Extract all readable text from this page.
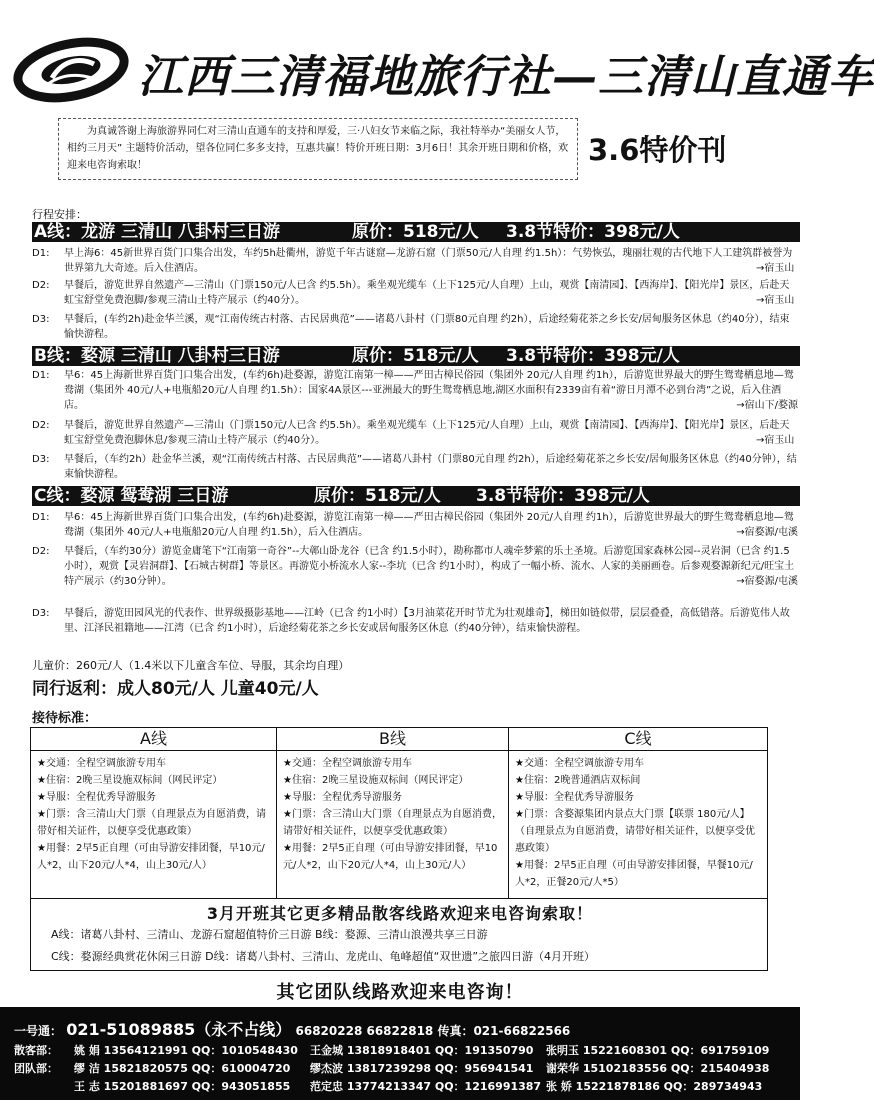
江西三清福地旅行社—三清山直通车

为真诚答谢上海旅游界同仁对三清山直通车的支持和厚爱，三·八妇女节来临之际，我社特举办“美丽女人节，相约三月天” 主题特价活动，望各位同仁多多支持，互惠共赢！特价开班日期：3月6日！其余开班日期和价格，欢迎来电咨询索取！	3.6特价刊
行程安排：
A线：龙游 三清山 八卦村三日游	原价：518元/人 3.8节特价：398元/人
D1: 早上海6：45新世界百货门口集合出发，车约5h赴衢州，游览千年古谜窟—龙游石窟（门票50元/人自理 约1.5h）：气势恢弘，瑰丽壮观的古代地下人工建筑群被誉为世界第九大奇迹。后入住酒店。	→宿玉山
D2: 早餐后，游览世界自然遗产—三清山（门票150元/人已含 约5.5h）。乘坐观光缆车（上下125元/人自理）上山，观赏【南清园】、【西海岸】、【阳光岸】景区，后赴天虹宝舒堂免费泡脚/参观三清山土特产展示（约40分）。	→宿玉山
D3: 早餐后，(车约2h)赴金华兰溪，观“江南传统古村落、古民居典范”——诸葛八卦村（门票80元自理 约2h），后途经菊花茶之乡长安/居甸服务区休息（约40分），结束愉快游程。
B线：婺源 三清山 八卦村三日游	原价：518元/人 3.8节特价：398元/人
D1: 早6：45上海新世界百货门口集合出发，(车约6h)赴婺源，游览江南第一樟——严田古樟民俗园（集团外 20元/人自理 约1h），后游览世界最大的野生鸳鸯栖息地—鸳鸯湖（集团外 40元/人+电瓶船20元/人自理 约1.5h）：国家4A景区---亚洲最大的野生鸳鸯栖息地,湖区水面积有2339亩有着“游日月潭不必到台湾”之说，后入住酒店。	→宿山下/婺源
D2: 早餐后，游览世界自然遗产—三清山（门票150元/人已含 约5.5h）。乘坐观光缆车（上下125元/人自理）上山，观赏【南清园】、【西海岸】、【阳光岸】景区，后赴天虹宝舒堂免费泡脚休息/参观三清山土特产展示（约40分）。	→宿玉山
D3: 早餐后，（车约2h）赴金华兰溪，观“江南传统古村落、古民居典范”——诸葛八卦村（门票80元自理 约2h），后途经菊花茶之乡长安/居甸服务区休息（约40分钟），结束愉快游程。
C线：婺源 鸳鸯湖 三日游	原价：518元/人 3.8节特价：398元/人
D1: 早6：45上海新世界百货门口集合出发，(车约6h)赴婺源，游览江南第一樟——严田古樟民俗园（集团外 20元/人自理 约1h），后游览世界最大的野生鸳鸯栖息地—鸳鸯湖（集团外 40元/人+电瓶船20元/人自理 约1.5h），后入住酒店。	→宿婺源/屯溪
D2: 早餐后，（车约30分）游览金庸笔下“江南第一奇谷”--大鄣山卧龙谷（已含 约1.5小时），勘称都市人魂牵梦萦的乐土圣境。后游览国家森林公园--灵岩洞（已含 约1.5小时），观赏【灵岩洞群】、【石城古树群】等景区。再游览小桥流水人家--李坑（已含 约1小时），构成了一幅小桥、流水、人家的美丽画卷。后参观婺源新纪元/旺宝土特产展示（约30分钟）。	→宿婺源/屯溪
D3: 早餐后，游览田园风光的代表作、世界级摄影基地——江岭（已含 约1小时）【3月油菜花开时节尤为壮观雄奇】，梯田如链似带，层层叠叠，高低错落。后游览伟人故里、江泽民祖籍地——江湾（已含 约1小时），后途经菊花茶之乡长安或居甸服务区休息（约40分钟），结束愉快游程。
儿童价：260元/人（1.4米以下儿童含车位、导服，其余均自理）
同行返利：成人80元/人 儿童40元/人
接待标准：
A线
★交通：全程空调旅游专用车
★住宿：2晚三星设施双标间（网民评定）
★导服：全程优秀导游服务
★门票：含三清山大门票（自理景点为自愿消费，请带好相关证件，以便享受优惠政策）
★用餐：2早5正自理（可由导游安排团餐，早10元/人*2，山下20元/人*4，山上30元/人）
B线
★交通：全程空调旅游专用车
★住宿：2晚三星设施双标间（网民评定）
★导服：全程优秀导游服务
★门票：含三清山大门票（自理景点为自愿消费，请带好相关证件，以便享受优惠政策）
★用餐：2早5正自理（可由导游安排团餐，早10元/人*2，山下20元/人*4，山上30元/人）
C线
★交通：全程空调旅游专用车
★住宿：2晚普通酒店双标间
★导服：全程优秀导游服务
★门票：含婺源集团内景点大门票【联票 180元/人】（自理景点为自愿消费，请带好相关证件，以便享受优惠政策）
★用餐：2早5正自理（可由导游安排团餐，早餐10元/人*2，正餐20元/人*5）
3月开班其它更多精品散客线路欢迎来电咨询索取！
A线：诸葛八卦村、三清山、龙游石窟超值特价三日游 B线：婺源、三清山浪漫共享三日游
C线：婺源经典赏花休闲三日游 D线：诸葛八卦村、三清山、龙虎山、龟峰超值“双世遗”之旅四日游（4月开班）
其它团队线路欢迎来电咨询！
一号通： 021-51089885（永不占线） 66820228 66822818 传真：021-66822566
散客部： 姚 娟 13564121991 QQ：1010548430 王金城 13818918401 QQ：191350790 张明玉 15221608301 QQ：691759109
团队部： 缪 洁 15821820575 QQ：610004720 缪杰波 13817239298 QQ：956941541 谢荣华 15102183556 QQ：215404938
王 志 15201881697 QQ：943051855 范定忠 13774213347 QQ：1216991387 张 娇 15221878186 QQ：289734943
